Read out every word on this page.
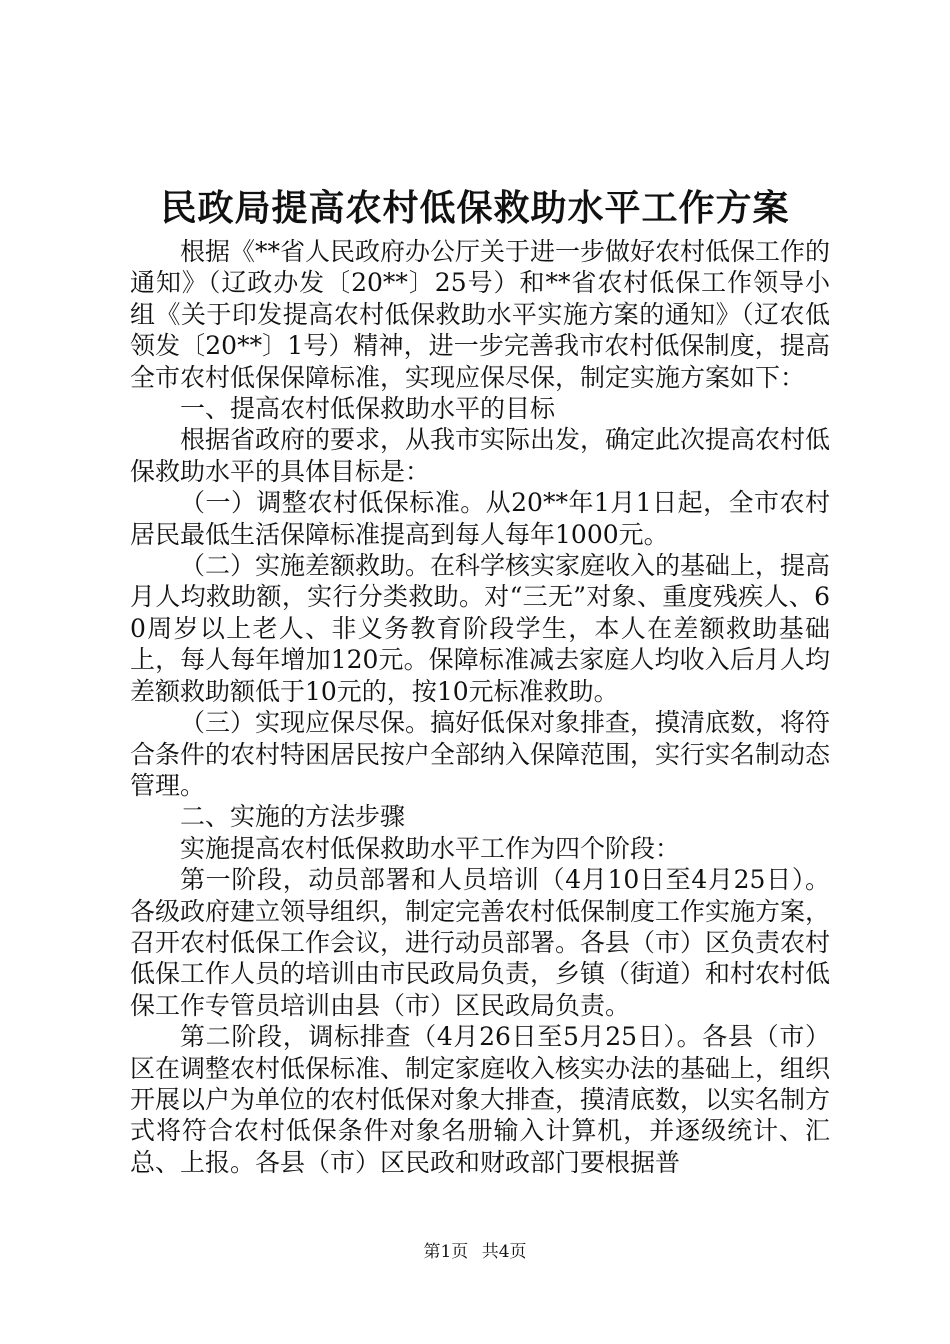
民政局提高农村低保救助水平工作方案

根据《**省人民政府办公厅关于进一步做好农村低保工作的通知》（辽政办发〔20**〕25号）和**省农村低保工作领导小组《关于印发提高农村低保救助水平实施方案的通知》（辽农低领发〔20**〕1号）精神，进一步完善我市农村低保制度，提高全市农村低保保障标准，实现应保尽保，制定实施方案如下：

一、提高农村低保救助水平的目标

根据省政府的要求，从我市实际出发，确定此次提高农村低保救助水平的具体目标是：

（一）调整农村低保标准。从20**年1月1日起，全市农村居民最低生活保障标准提高到每人每年1000元。

（二）实施差额救助。在科学核实家庭收入的基础上，提高月人均救助额，实行分类救助。对“三无”对象、重度残疾人、60周岁以上老人、非义务教育阶段学生，本人在差额救助基础上，每人每年增加120元。保障标准减去家庭人均收入后月人均差额救助额低于10元的，按10元标准救助。

（三）实现应保尽保。搞好低保对象排查，摸清底数，将符合条件的农村特困居民按户全部纳入保障范围，实行实名制动态管理。

二、实施的方法步骤

实施提高农村低保救助水平工作为四个阶段：

第一阶段，动员部署和人员培训（4月10日至4月25日）。各级政府建立领导组织，制定完善农村低保制度工作实施方案，召开农村低保工作会议，进行动员部署。各县（市）区负责农村低保工作人员的培训由市民政局负责，乡镇（街道）和村农村低保工作专管员培训由县（市）区民政局负责。

第二阶段，调标排查（4月26日至5月25日）。各县（市）区在调整农村低保标准、制定家庭收入核实办法的基础上，组织开展以户为单位的农村低保对象大排查，摸清底数，以实名制方式将符合农村低保条件对象名册输入计算机，并逐级统计、汇总、上报。各县（市）区民政和财政部门要根据普

第1页 共4页
